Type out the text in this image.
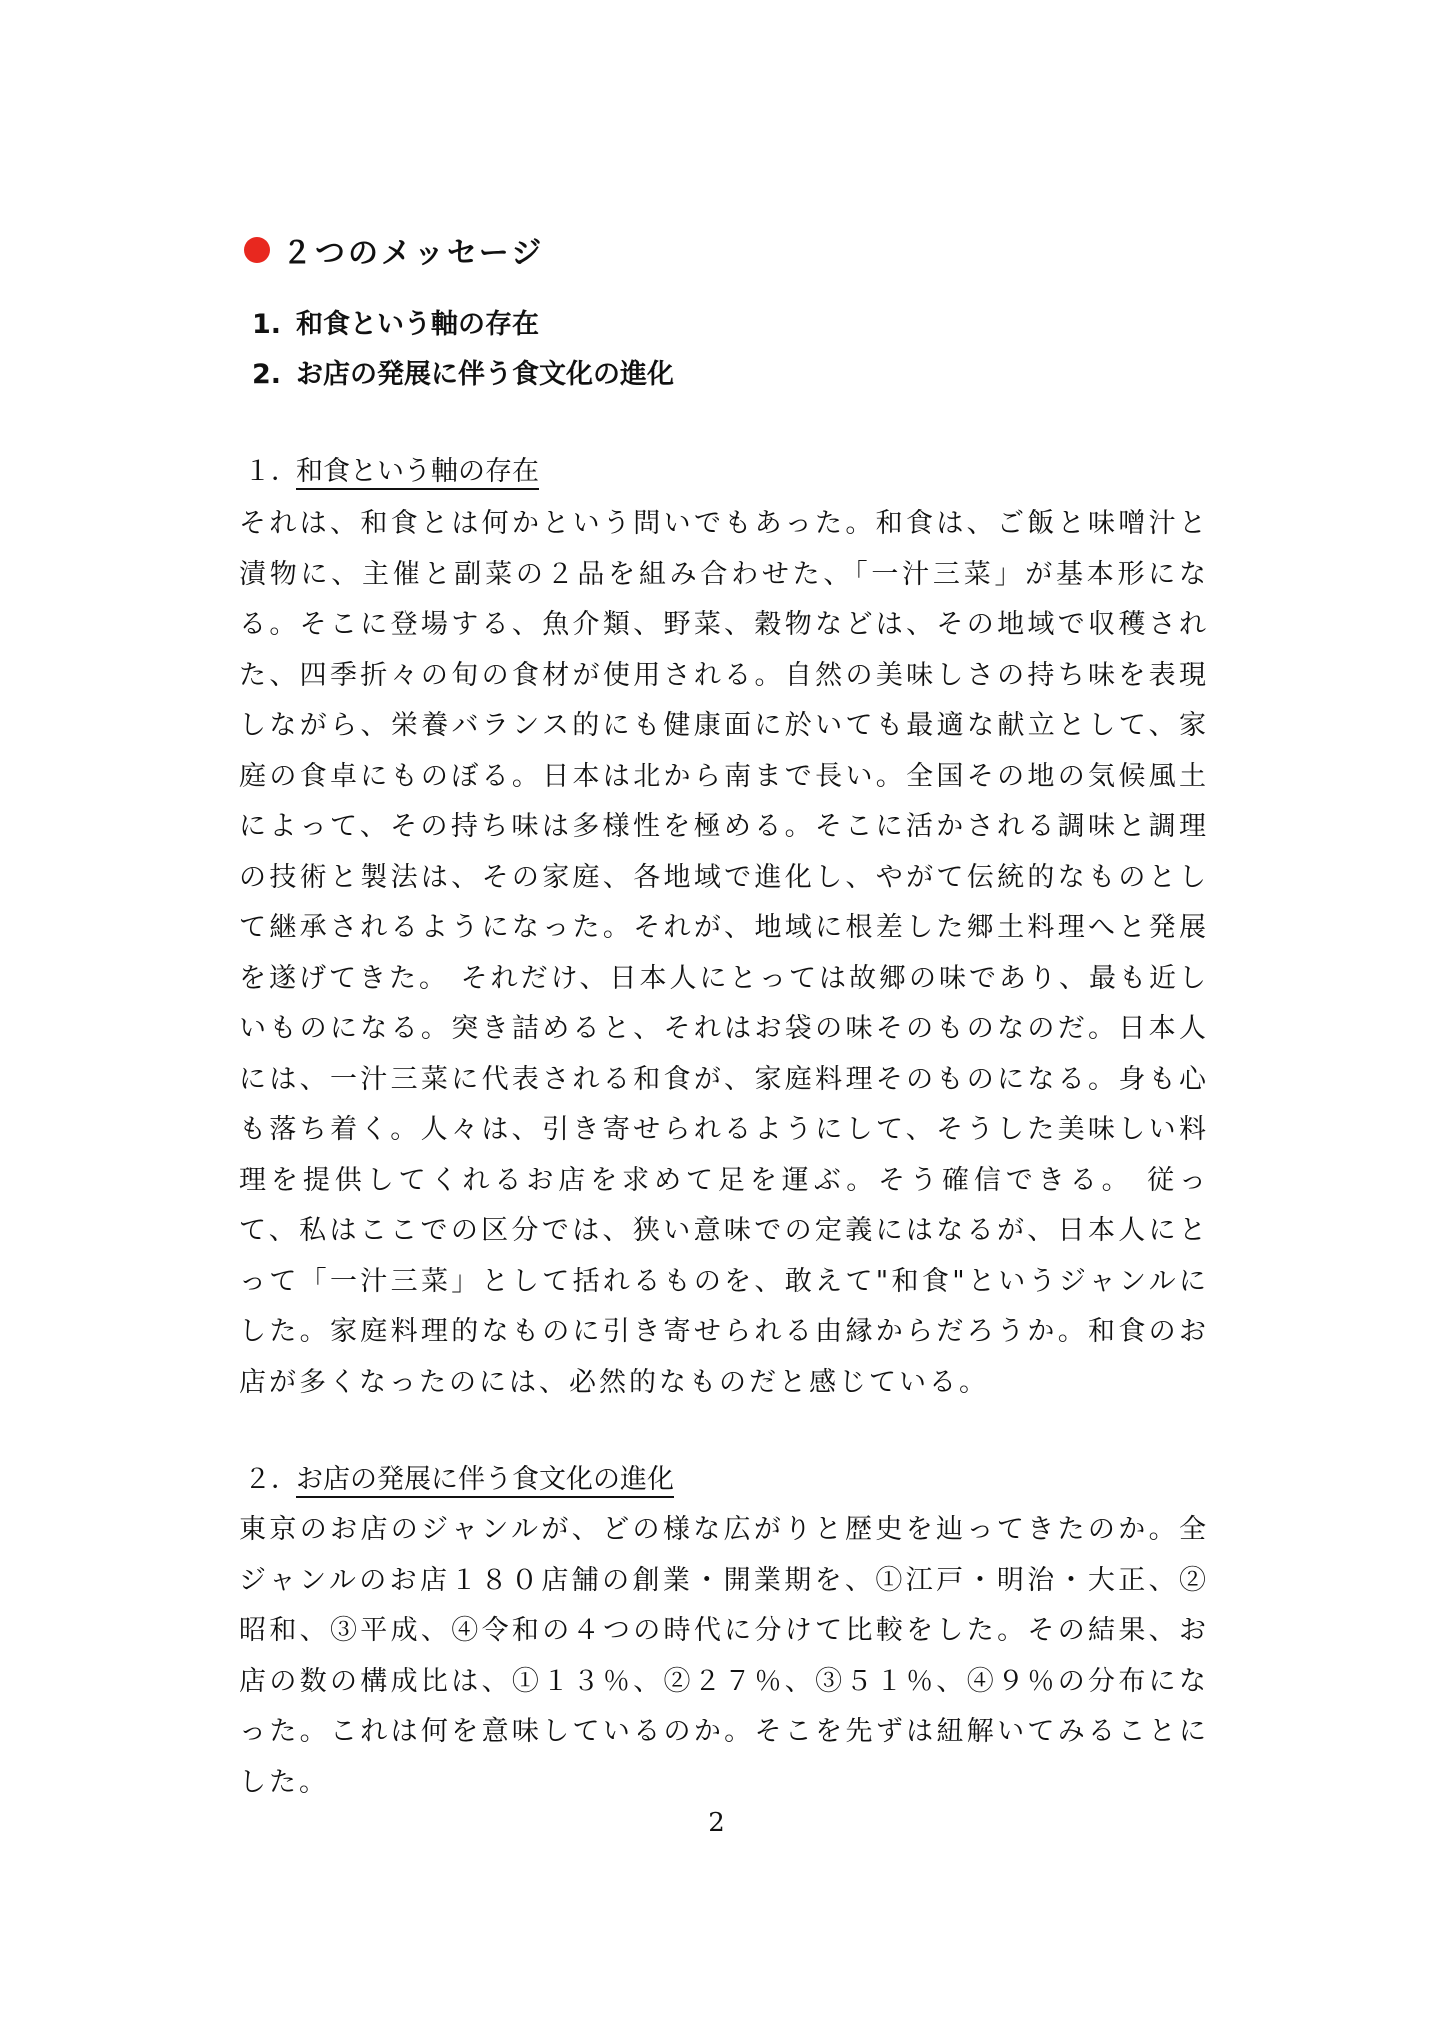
２つのメッセージ
1. 和食という軸の存在
2. お店の発展に伴う食文化の進化
１．和食という軸の存在

それは、和食とは何かという問いでもあった。和食は、ご飯と味噌汁と漬物に、主催と副菜の２品を組み合わせた、「一汁三菜」が基本形になる。そこに登場する、魚介類、野菜、穀物などは、その地域で収穫された、四季折々の旬の食材が使用される。自然の美味しさの持ち味を表現しながら、栄養バランス的にも健康面に於いても最適な献立として、家庭の食卓にものぼる。日本は北から南まで長い。全国その地の気候風土によって、その持ち味は多様性を極める。そこに活かされる調味と調理の技術と製法は、その家庭、各地域で進化し、やがて伝統的なものとして継承されるようになった。それが、地域に根差した郷土料理へと発展を遂げてきた。 それだけ、日本人にとっては故郷の味であり、最も近しいものになる。突き詰めると、それはお袋の味そのものなのだ。日本人には、一汁三菜に代表される和食が、家庭料理そのものになる。身も心も落ち着く。人々は、引き寄せられるようにして、そうした美味しい料理を提供してくれるお店を求めて足を運ぶ。そう確信できる。 従って、私はここでの区分では、狭い意味での定義にはなるが、日本人にとって「一汁三菜」として括れるものを、敢えて"和食"というジャンルにした。家庭料理的なものに引き寄せられる由縁からだろうか。和食のお店が多くなったのには、必然的なものだと感じている。

２．お店の発展に伴う食文化の進化

東京のお店のジャンルが、どの様な広がりと歴史を辿ってきたのか。全ジャンルのお店１８０店舗の創業・開業期を、①江戸・明治・大正、②昭和、③平成、④令和の４つの時代に分けて比較をした。その結果、お店の数の構成比は、①１３％、②２７％、③５１％、④９％の分布になった。これは何を意味しているのか。そこを先ずは紐解いてみることにした。

2
